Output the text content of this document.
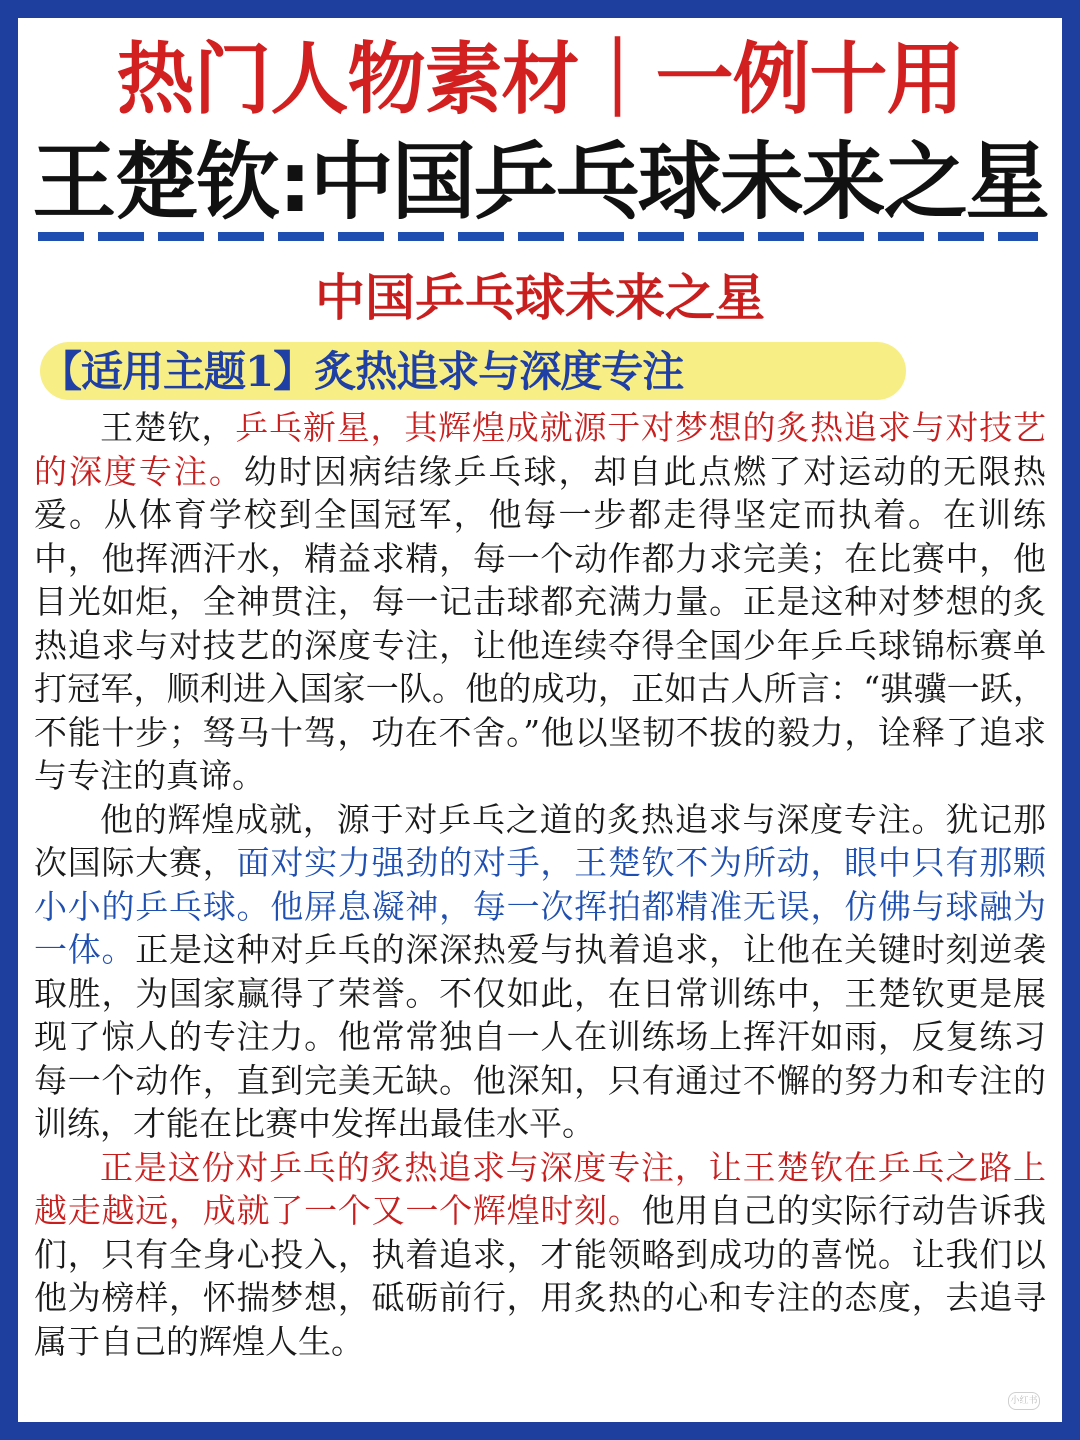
热门人物素材｜一例十用
王楚钦:中国乒乓球未来之星
中国乒乓球未来之星
【适用主题1】炙热追求与深度专注

王楚钦，乒乓新星，其辉煌成就源于对梦想的炙热追求与对技艺的深度专注。幼时因病结缘乒乓球，却自此点燃了对运动的无限热爱。从体育学校到全国冠军，他每一步都走得坚定而执着。在训练中，他挥洒汗水，精益求精，每一个动作都力求完美；在比赛中，他目光如炬，全神贯注，每一记击球都充满力量。正是这种对梦想的炙热追求与对技艺的深度专注，让他连续夺得全国少年乒乓球锦标赛单打冠军，顺利进入国家一队。他的成功，正如古人所言：“骐骥一跃，不能十步；驽马十驾，功在不舍。”他以坚韧不拔的毅力，诠释了追求与专注的真谛。

他的辉煌成就，源于对乒乓之道的炙热追求与深度专注。犹记那次国际大赛，面对实力强劲的对手，王楚钦不为所动，眼中只有那颗小小的乒乓球。他屏息凝神，每一次挥拍都精准无误，仿佛与球融为一体。正是这种对乒乓的深深热爱与执着追求，让他在关键时刻逆袭取胜，为国家赢得了荣誉。不仅如此，在日常训练中，王楚钦更是展现了惊人的专注力。他常常独自一人在训练场上挥汗如雨，反复练习每一个动作，直到完美无缺。他深知，只有通过不懈的努力和专注的训练，才能在比赛中发挥出最佳水平。

正是这份对乒乓的炙热追求与深度专注，让王楚钦在乒乓之路上越走越远，成就了一个又一个辉煌时刻。他用自己的实际行动告诉我们，只有全身心投入，执着追求，才能领略到成功的喜悦。让我们以他为榜样，怀揣梦想，砥砺前行，用炙热的心和专注的态度，去追寻属于自己的辉煌人生。

小红书
